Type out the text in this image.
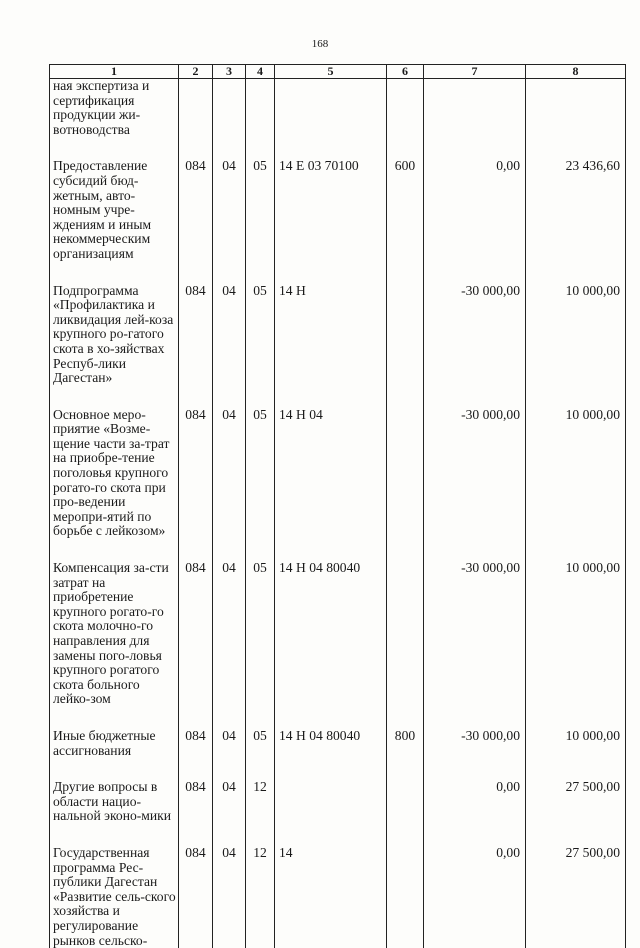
168
1	2	3	4	5	6	7	8
ная экспертиза и сертификация продукции жи-вотноводства							

Предоставление субсидий бюд-жетным, авто-номным учре-ждениям и иным некоммерческим организациям	084	04	05	14 Е 03 70100	600	0,00	23 436,60

Подпрограмма «Профилактика и ликвидация лей-коза крупного ро-гатого скота в хо-зяйствах Респуб-лики Дагестан»	084	04	05	14 Н		-30 000,00	10 000,00

Основное меро-приятие «Возме-щение части за-трат на приобре-тение поголовья крупного рогато-го скота при про-ведении меропри-ятий по борьбе с лейкозом»	084	04	05	14 Н 04		-30 000,00	10 000,00

Компенсация за-сти затрат на приобретение крупного рогато-го скота молочно-го направления для замены пого-ловья крупного рогатого скота больного лейко-зом	084	04	05	14 Н 04 80040		-30 000,00	10 000,00

Иные бюджетные ассигнования	084	04	05	14 Н 04 80040	800	-30 000,00	10 000,00

Другие вопросы в области нацио-нальной эконо-мики	084	04	12			0,00	27 500,00

Государственная программа Рес-публики Дагестан «Развитие сель-ского хозяйства и регулирование рынков сельско-	084	04	12	14		0,00	27 500,00
